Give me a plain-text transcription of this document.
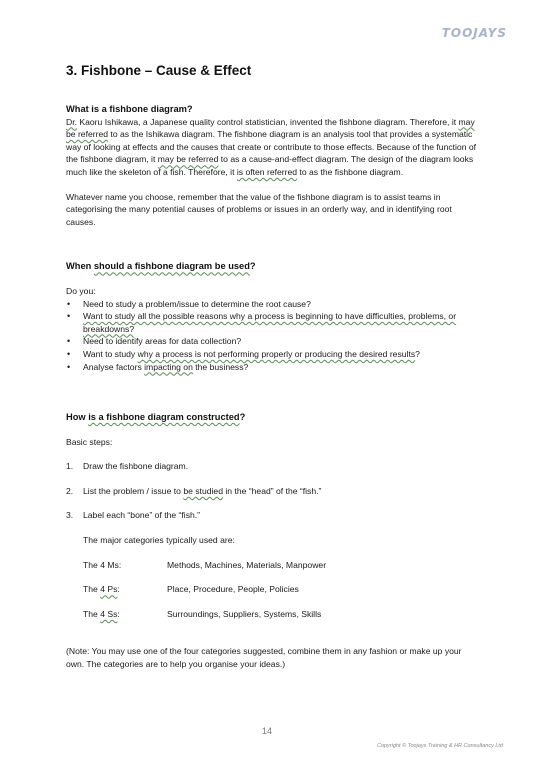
TOOJAYS
3. Fishbone – Cause & Effect

What is a fishbone diagram?

Dr. Kaoru Ishikawa, a Japanese quality control statistician, invented the fishbone diagram. Therefore, it may be referred to as the Ishikawa diagram. The fishbone diagram is an analysis tool that provides a systematic way of looking at effects and the causes that create or contribute to those effects. Because of the function of the fishbone diagram, it may be referred to as a cause-and-effect diagram. The design of the diagram looks much like the skeleton of a fish. Therefore, it is often referred to as the fishbone diagram.

Whatever name you choose, remember that the value of the fishbone diagram is to assist teams in categorising the many potential causes of problems or issues in an orderly way, and in identifying root causes.

When should a fishbone diagram be used?

Do you:

• Need to study a problem/issue to determine the root cause?
• Want to study all the possible reasons why a process is beginning to have difficulties, problems, or breakdowns?
• Need to identify areas for data collection?
• Want to study why a process is not performing properly or producing the desired results?
• Analyse factors impacting on the business?

How is a fishbone diagram constructed?

Basic steps:

1. Draw the fishbone diagram.
2. List the problem / issue to be studied in the “head” of the “fish.”
3. Label each “bone” of the “fish.”
The major categories typically used are:
The 4 Ms:	Methods, Machines, Materials, Manpower
The 4 Ps:	Place, Procedure, People, Policies
The 4 Ss:	Surroundings, Suppliers, Systems, Skills

(Note: You may use one of the four categories suggested, combine them in any fashion or make up your own. The categories are to help you organise your ideas.)

14
Copyright © Toojays Training & HR Consultancy Ltd
